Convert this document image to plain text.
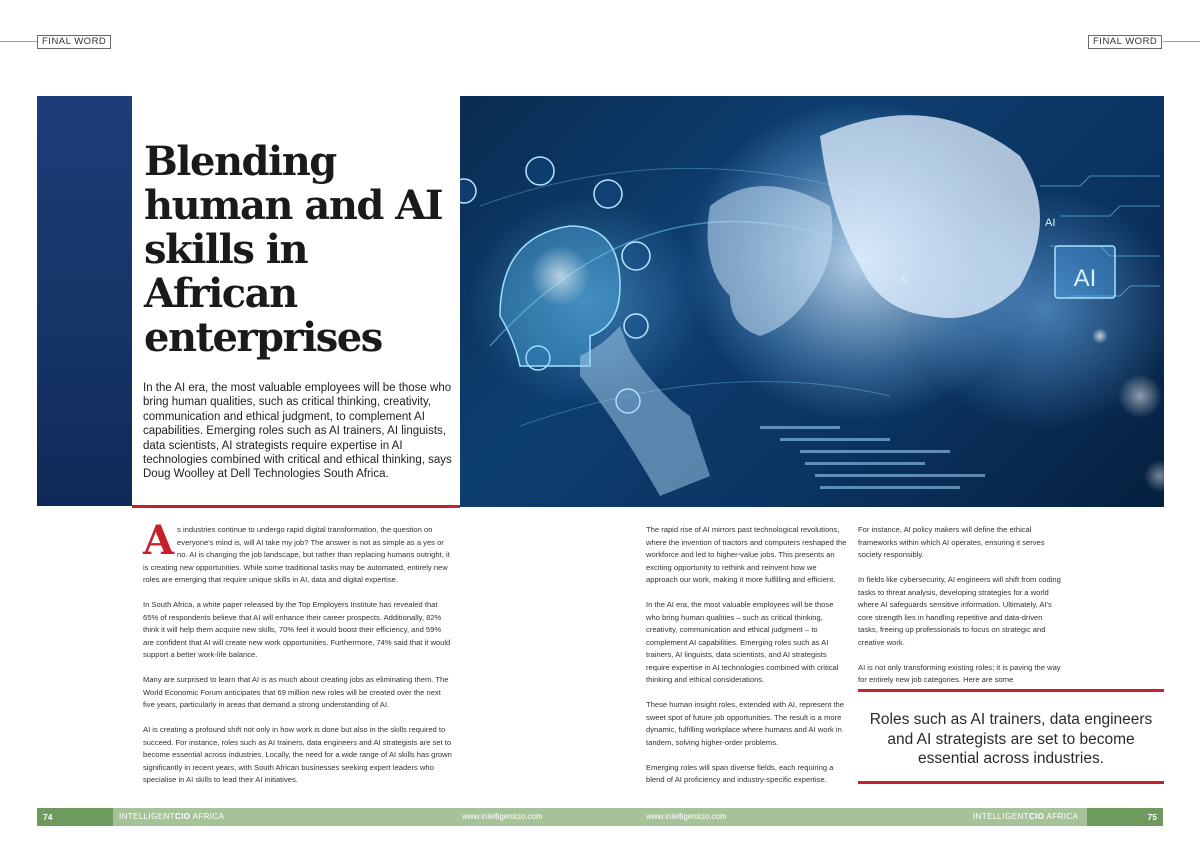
FINAL WORD	FINAL WORD
Blending human and AI skills in African enterprises

In the AI era, the most valuable employees will be those who bring human qualities, such as critical thinking, creativity, communication and ethical judgment, to complement AI capabilities. Emerging roles such as AI trainers, AI linguists, data scientists, AI strategists require expertise in AI technologies combined with critical and ethical thinking, says Doug Woolley at Dell Technologies South Africa.

AI
AI
AI

As industries continue to undergo rapid digital transformation, the question on everyone's mind is, will AI take my job? The answer is not as simple as a yes or no. AI is changing the job landscape, but rather than replacing humans outright, it is creating new opportunities. While some traditional tasks may be automated, entirely new roles are emerging that require unique skills in AI, data and digital expertise.

In South Africa, a white paper released by the Top Employers Institute has revealed that 65% of respondents believe that AI will enhance their career prospects. Additionally, 82% think it will help them acquire new skills, 70% feel it would boost their efficiency, and 59% are confident that AI will create new work opportunities. Furthermore, 74% said that it would support a better work-life balance.

Many are surprised to learn that AI is as much about creating jobs as eliminating them. The World Economic Forum anticipates that 69 million new roles will be created over the next five years, particularly in areas that demand a strong understanding of AI.

AI is creating a profound shift not only in how work is done but also in the skills required to succeed. For instance, roles such as AI trainers, data engineers and AI strategists are set to become essential across industries. Locally, the need for a wide range of AI skills has grown significantly in recent years, with South African businesses seeking expert leaders who specialise in AI skills to lead their AI initiatives.

The rapid rise of AI mirrors past technological revolutions, where the invention of tractors and computers reshaped the workforce and led to higher-value jobs. This presents an exciting opportunity to rethink and reinvent how we approach our work, making it more fulfilling and efficient.

In the AI era, the most valuable employees will be those who bring human qualities – such as critical thinking, creativity, communication and ethical judgment – to complement AI capabilities. Emerging roles such as AI trainers, AI linguists, data scientists, and AI strategists require expertise in AI technologies combined with critical thinking and ethical considerations.

These human insight roles, extended with AI, represent the sweet spot of future job opportunities. The result is a more dynamic, fulfilling workplace where humans and AI work in tandem, solving higher-order problems.

Emerging roles will span diverse fields, each requiring a blend of AI proficiency and industry-specific expertise.

For instance, AI policy makers will define the ethical frameworks within which AI operates, ensuring it serves society responsibly.

In fields like cybersecurity, AI engineers will shift from coding tasks to threat analysis, developing strategies for a world where AI safeguards sensitive information. Ultimately, AI's core strength lies in handling repetitive and data-driven tasks, freeing up professionals to focus on strategic and creative work.

AI is not only transforming existing roles; it is paving the way for entirely new job categories. Here are some

Roles such as AI trainers, data engineers and AI strategists are set to become essential across industries.
74	INTELLIGENTCIO AFRICA	www.intelligentcio.com	www.intelligentcio.com	INTELLIGENTCIO AFRICA	75
